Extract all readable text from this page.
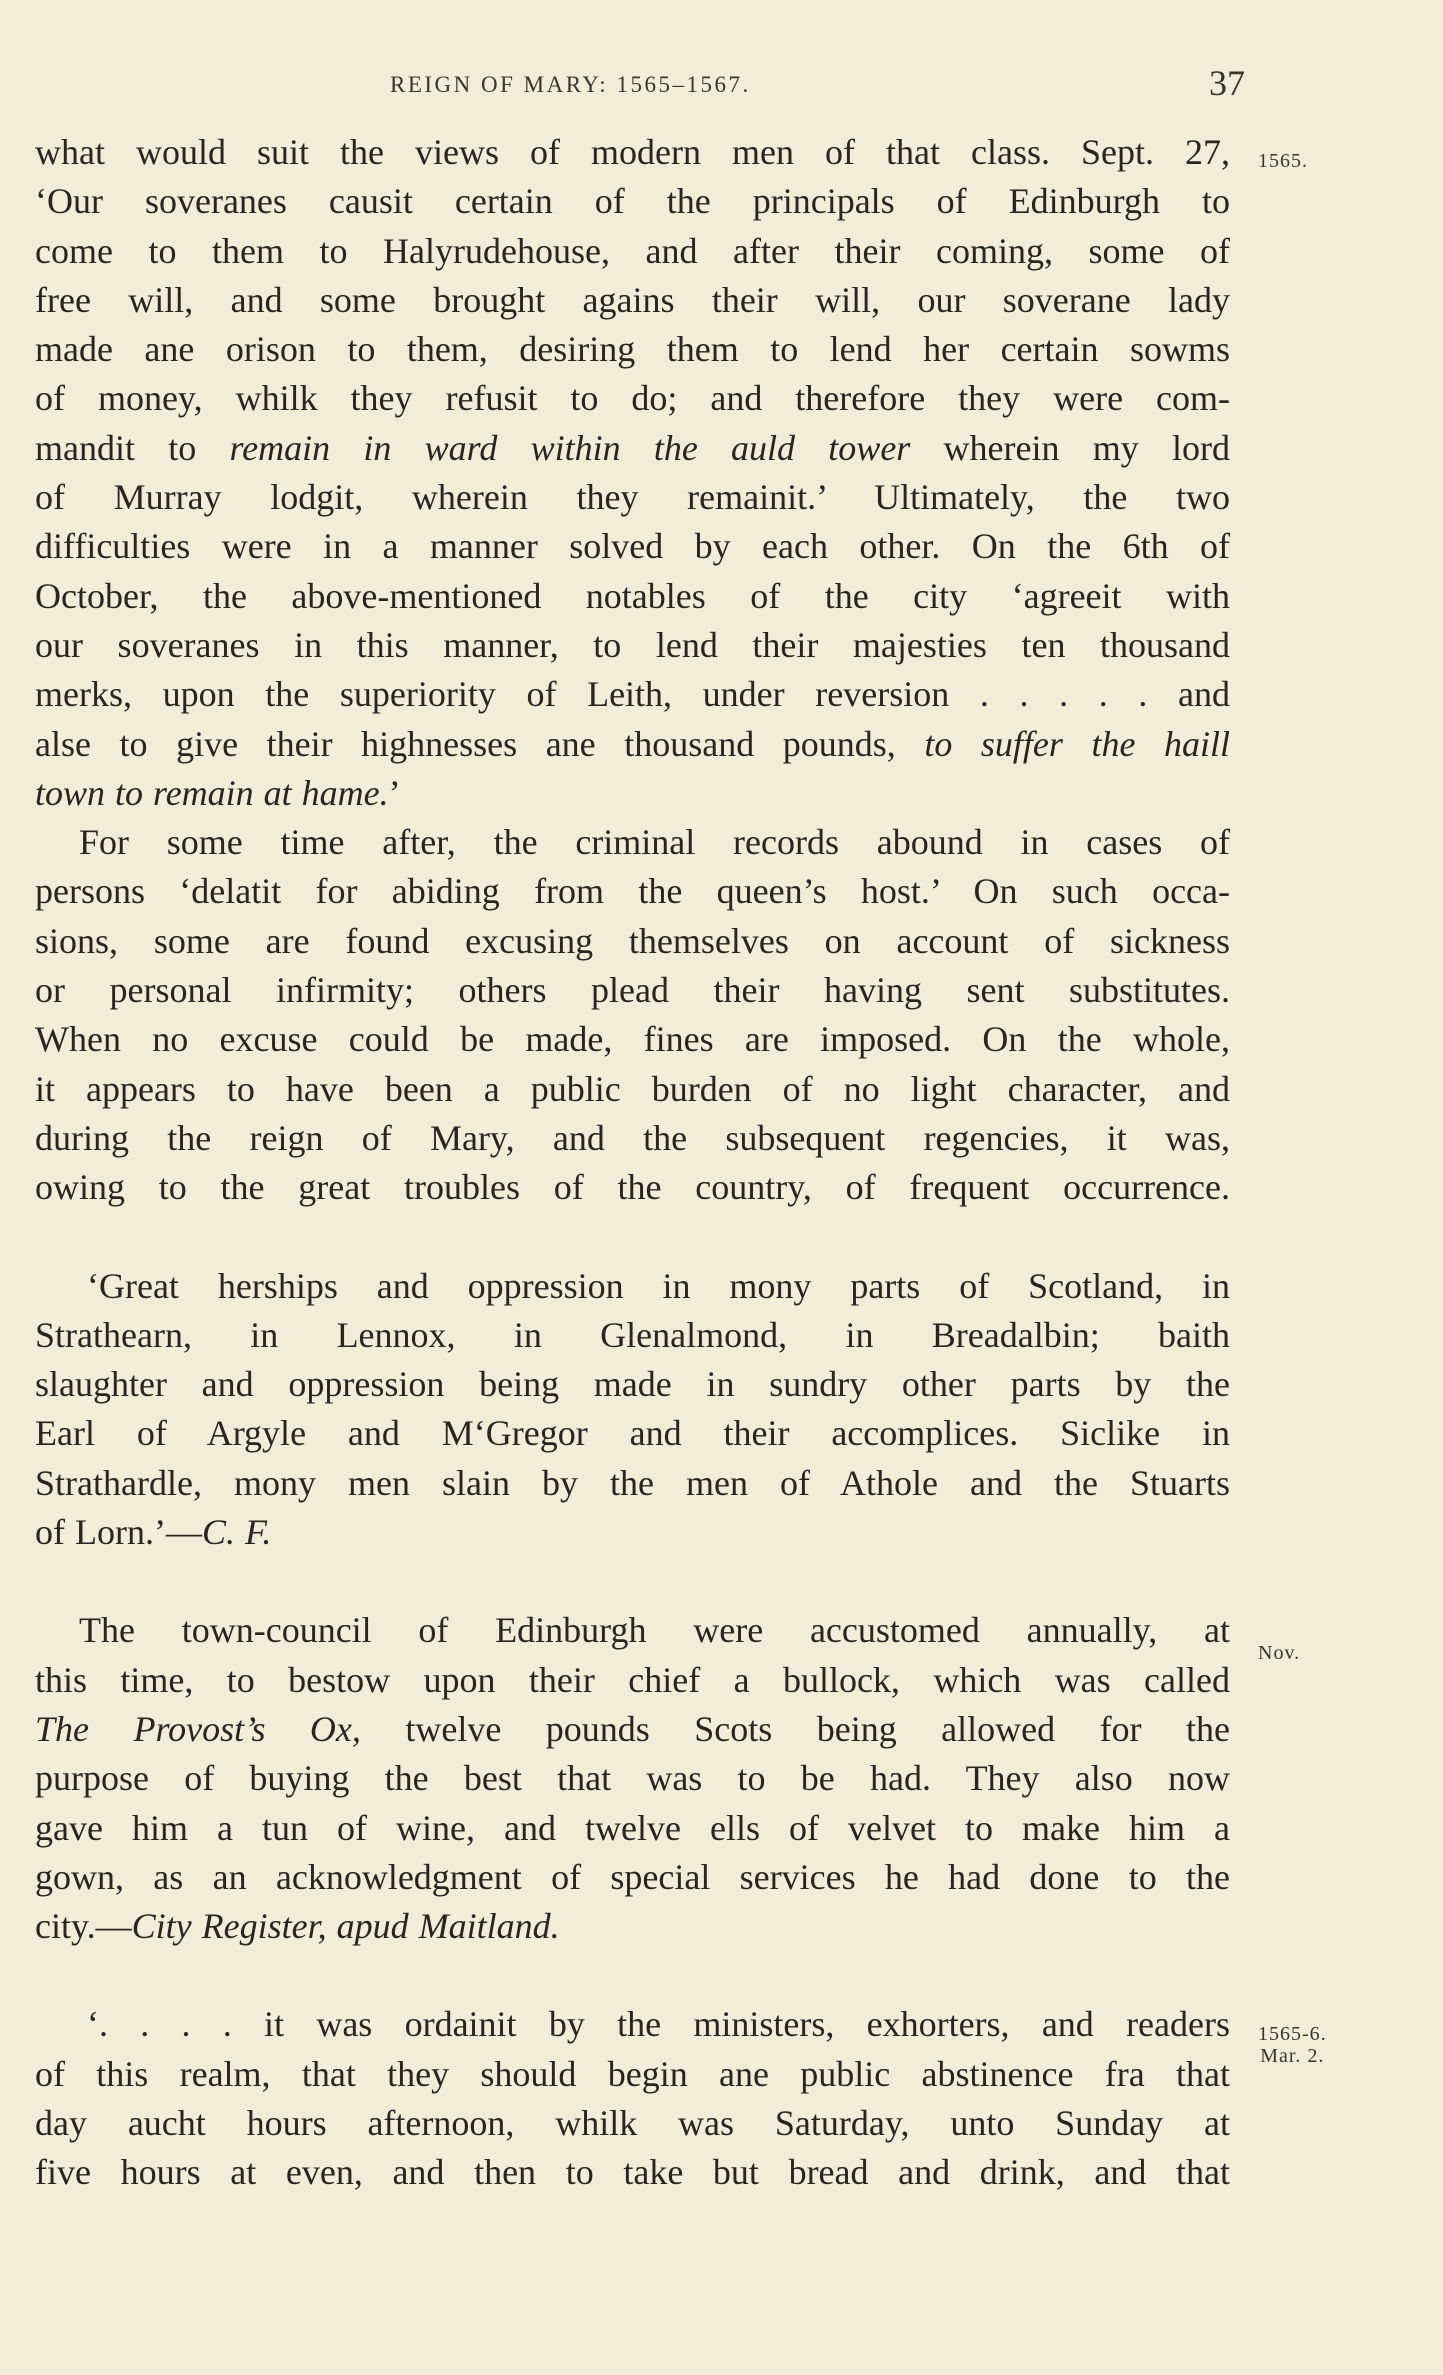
REIGN OF MARY: 1565–1567.	37
1565.
Nov.
1565-6.
Mar. 2.
what would suit the views of modern men of that class. Sept. 27,
‘Our soveranes causit certain of the principals of Edinburgh to
come to them to Halyrudehouse, and after their coming, some of
free will, and some brought agains their will, our soverane lady
made ane orison to them, desiring them to lend her certain sowms
of money, whilk they refusit to do; and therefore they were com-
mandit to remain in ward within the auld tower wherein my lord
of Murray lodgit, wherein they remainit.’ Ultimately, the two
difficulties were in a manner solved by each other. On the 6th of
October, the above-mentioned notables of the city ‘agreeit with
our soveranes in this manner, to lend their majesties ten thousand
merks, upon the superiority of Leith, under reversion . . . . . and
alse to give their highnesses ane thousand pounds, to suffer the haill
town to remain at hame.’
For some time after, the criminal records abound in cases of
persons ‘delatit for abiding from the queen’s host.’ On such occa-
sions, some are found excusing themselves on account of sickness
or personal infirmity; others plead their having sent substitutes.
When no excuse could be made, fines are imposed. On the whole,
it appears to have been a public burden of no light character, and
during the reign of Mary, and the subsequent regencies, it was,
owing to the great troubles of the country, of frequent occurrence.
‘Great herships and oppression in mony parts of Scotland, in
Strathearn, in Lennox, in Glenalmond, in Breadalbin; baith
slaughter and oppression being made in sundry other parts by the
Earl of Argyle and M‘Gregor and their accomplices. Siclike in
Strathardle, mony men slain by the men of Athole and the Stuarts
of Lorn.’—C. F.
The town-council of Edinburgh were accustomed annually, at
this time, to bestow upon their chief a bullock, which was called
The Provost’s Ox, twelve pounds Scots being allowed for the
purpose of buying the best that was to be had. They also now
gave him a tun of wine, and twelve ells of velvet to make him a
gown, as an acknowledgment of special services he had done to the
city.—City Register, apud Maitland.
‘. . . . it was ordainit by the ministers, exhorters, and readers
of this realm, that they should begin ane public abstinence fra that
day aucht hours afternoon, whilk was Saturday, unto Sunday at
five hours at even, and then to take but bread and drink, and that
